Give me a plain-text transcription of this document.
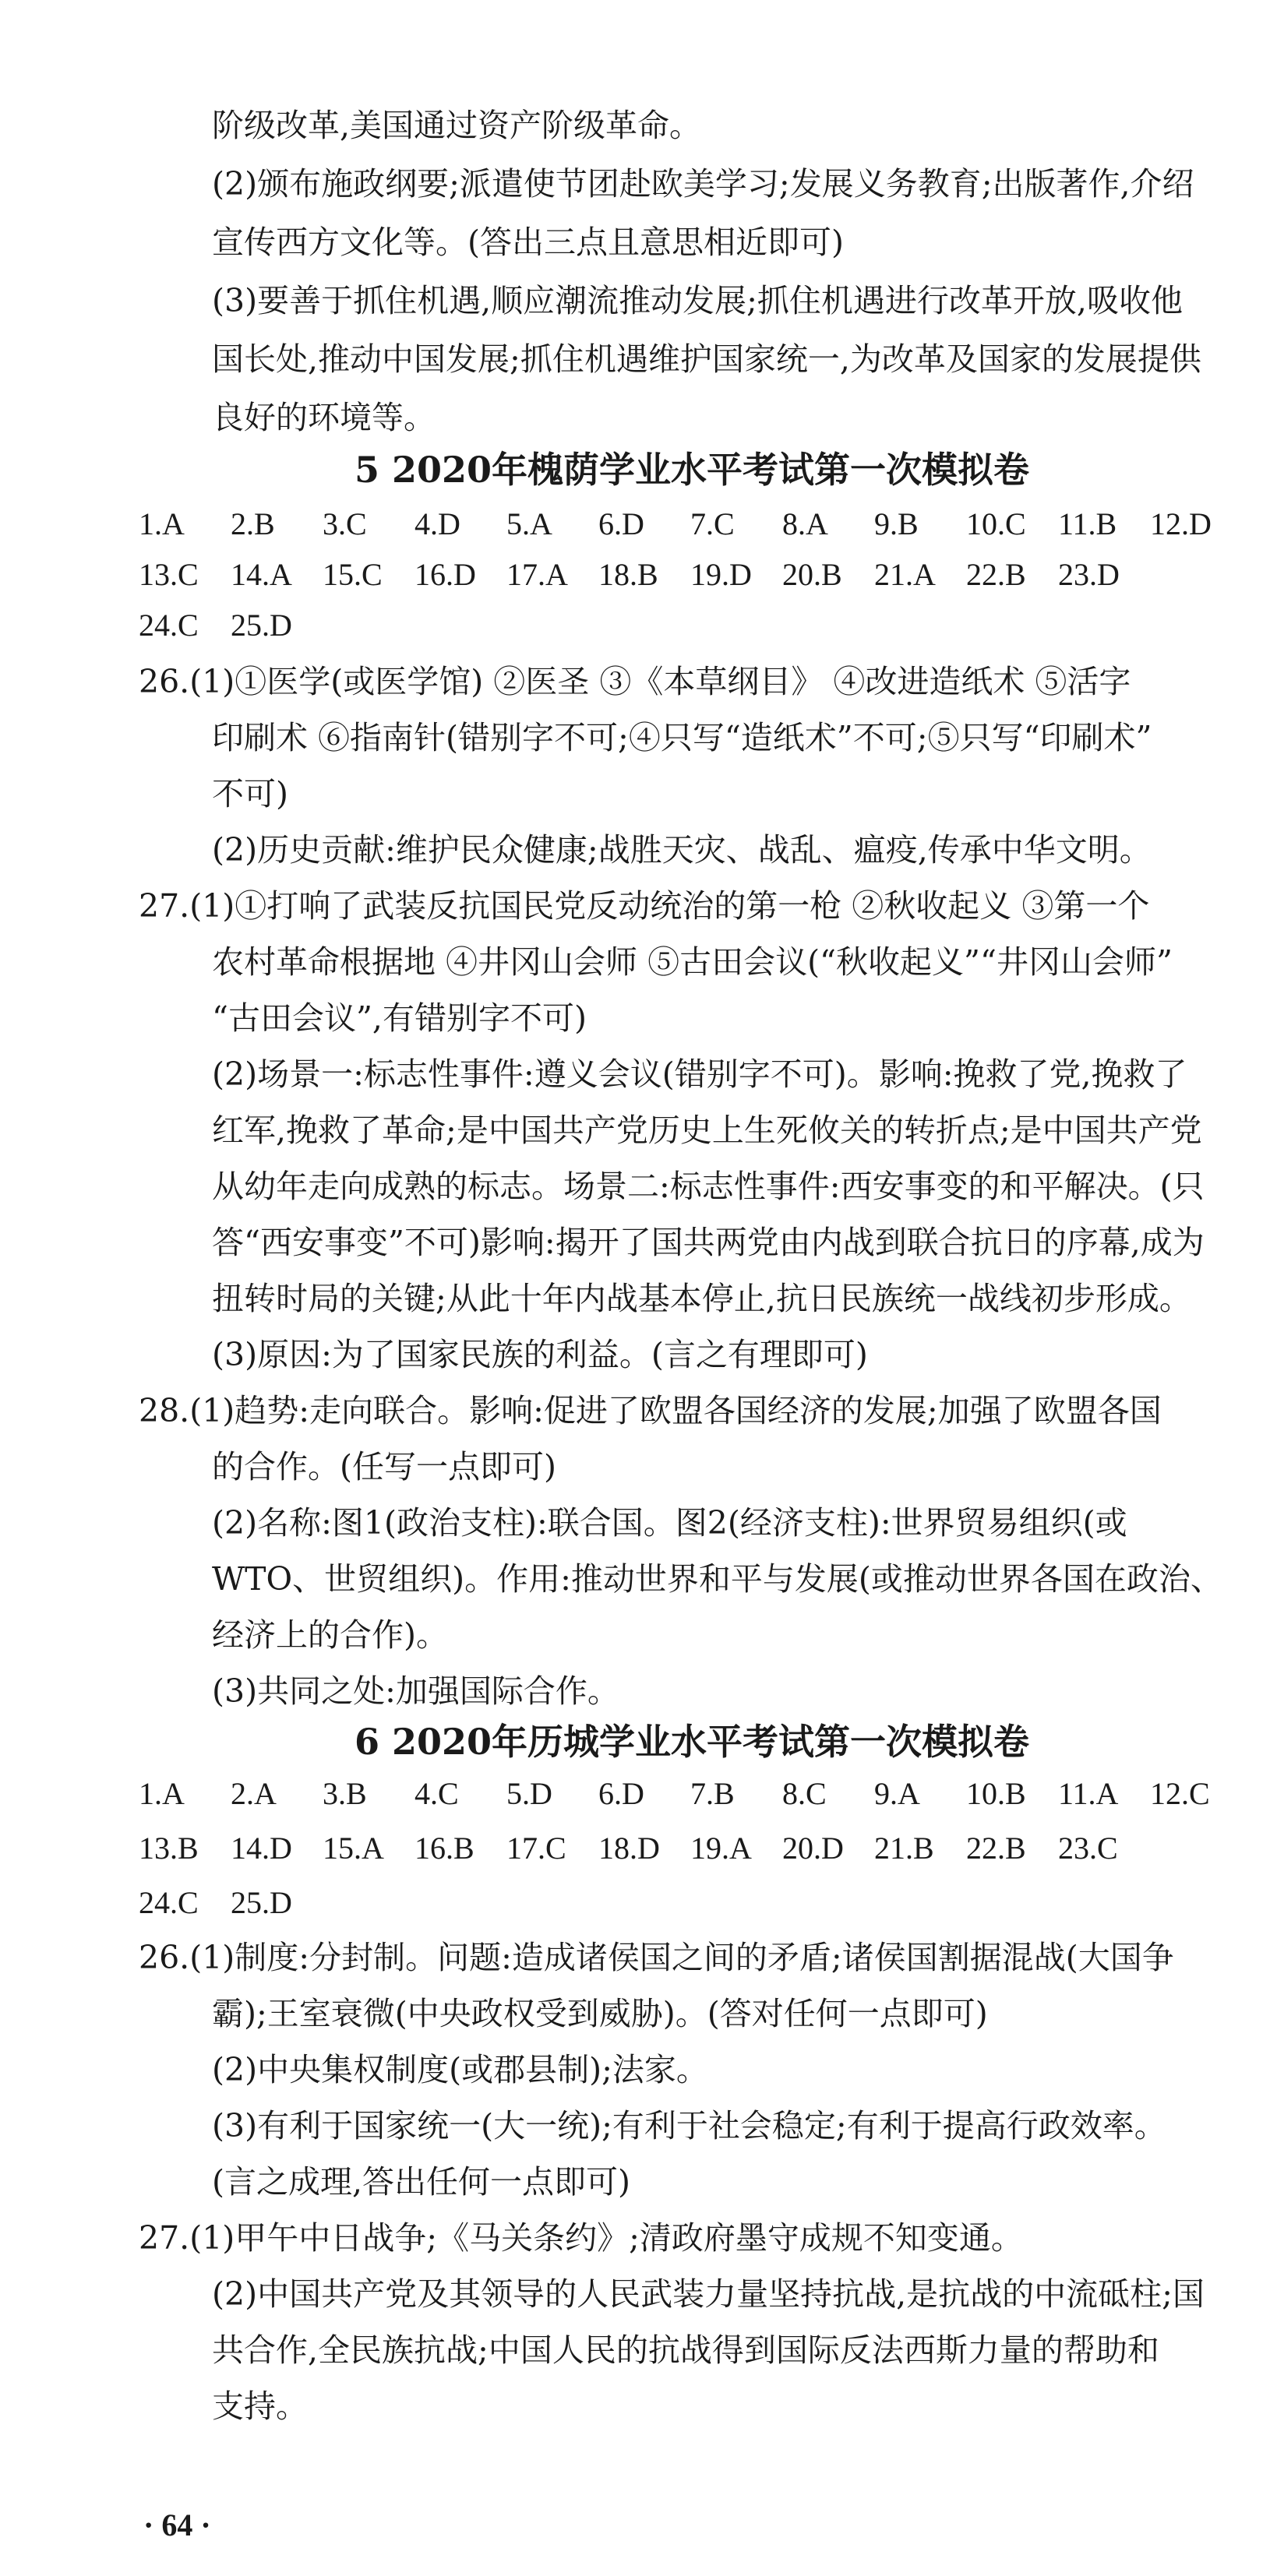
阶级改革,美国通过资产阶级革命。
(2)颁布施政纲要;派遣使节团赴欧美学习;发展义务教育;出版著作,介绍
宣传西方文化等。(答出三点且意思相近即可)
(3)要善于抓住机遇,顺应潮流推动发展;抓住机遇进行改革开放,吸收他
国长处,推动中国发展;抓住机遇维护国家统一,为改革及国家的发展提供
良好的环境等。
5 2020年槐荫学业水平考试第一次模拟卷
1.A 2.B 3.C 4.D 5.A 6.D 7.C 8.A 9.B 10.C 11.B 12.D
13.C 14.A 15.C 16.D 17.A 18.B 19.D 20.B 21.A 22.B 23.D
24.C 25.D
26.(1)①医学(或医学馆) ②医圣 ③《本草纲目》 ④改进造纸术 ⑤活字
印刷术 ⑥指南针(错别字不可;④只写“造纸术”不可;⑤只写“印刷术”
不可)
(2)历史贡献:维护民众健康;战胜天灾、战乱、瘟疫,传承中华文明。
27.(1)①打响了武装反抗国民党反动统治的第一枪 ②秋收起义 ③第一个
农村革命根据地 ④井冈山会师 ⑤古田会议(“秋收起义”“井冈山会师”
“古田会议”,有错别字不可)
(2)场景一:标志性事件:遵义会议(错别字不可)。影响:挽救了党,挽救了
红军,挽救了革命;是中国共产党历史上生死攸关的转折点;是中国共产党
从幼年走向成熟的标志。场景二:标志性事件:西安事变的和平解决。(只
答“西安事变”不可)影响:揭开了国共两党由内战到联合抗日的序幕,成为
扭转时局的关键;从此十年内战基本停止,抗日民族统一战线初步形成。
(3)原因:为了国家民族的利益。(言之有理即可)
28.(1)趋势:走向联合。影响:促进了欧盟各国经济的发展;加强了欧盟各国
的合作。(任写一点即可)
(2)名称:图1(政治支柱):联合国。图2(经济支柱):世界贸易组织(或
WTO、世贸组织)。作用:推动世界和平与发展(或推动世界各国在政治、
经济上的合作)。
(3)共同之处:加强国际合作。
6 2020年历城学业水平考试第一次模拟卷
1.A 2.A 3.B 4.C 5.D 6.D 7.B 8.C 9.A 10.B 11.A 12.C
13.B 14.D 15.A 16.B 17.C 18.D 19.A 20.D 21.B 22.B 23.C
24.C 25.D
26.(1)制度:分封制。问题:造成诸侯国之间的矛盾;诸侯国割据混战(大国争
霸);王室衰微(中央政权受到威胁)。(答对任何一点即可)
(2)中央集权制度(或郡县制);法家。
(3)有利于国家统一(大一统);有利于社会稳定;有利于提高行政效率。
(言之成理,答出任何一点即可)
27.(1)甲午中日战争;《马关条约》;清政府墨守成规不知变通。
(2)中国共产党及其领导的人民武装力量坚持抗战,是抗战的中流砥柱;国
共合作,全民族抗战;中国人民的抗战得到国际反法西斯力量的帮助和
支持。
· 64 ·
